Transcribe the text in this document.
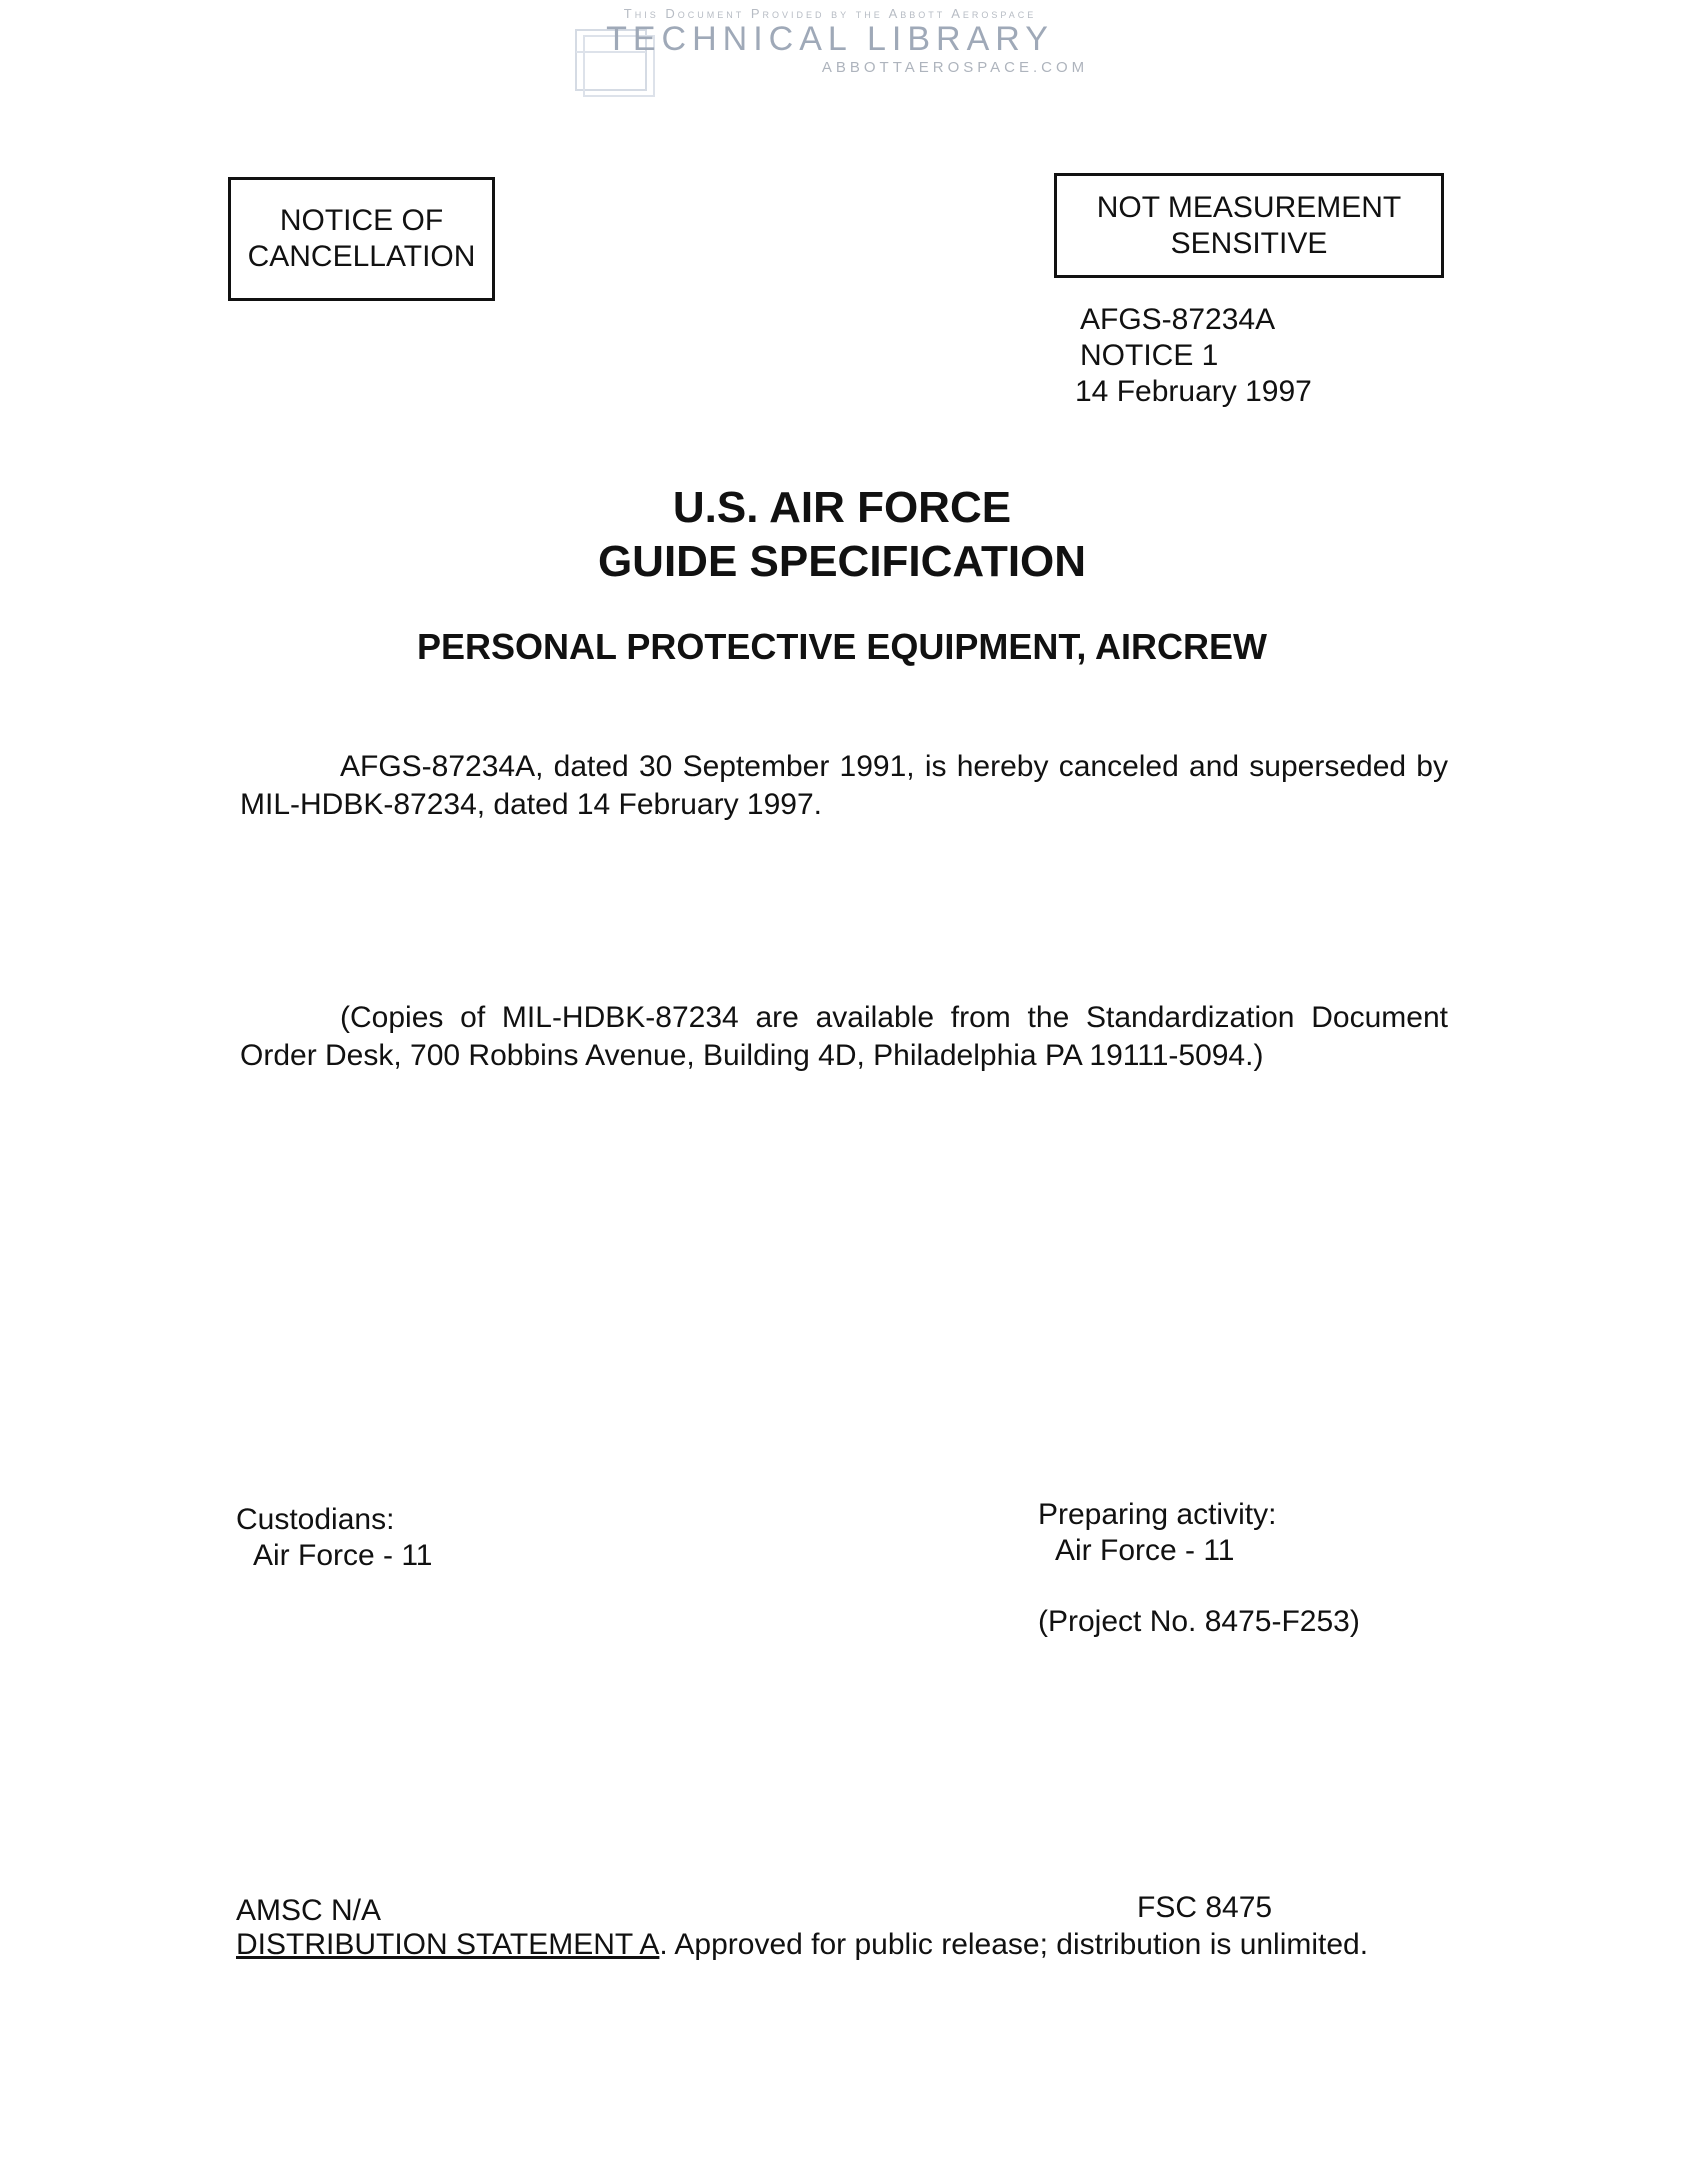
This Document Provided by the Abbott Aerospace
TECHNICAL LIBRARY
ABBOTTAEROSPACE.COM
NOTICE OF
CANCELLATION
NOT MEASUREMENT
SENSITIVE
AFGS-87234A
NOTICE 1
14 February 1997
U.S. AIR FORCE
GUIDE SPECIFICATION
PERSONAL PROTECTIVE EQUIPMENT, AIRCREW

AFGS-87234A, dated 30 September 1991, is hereby canceled and superseded by MIL-HDBK-87234, dated 14 February 1997.

(Copies of MIL-HDBK-87234 are available from the Standardization Document Order Desk, 700 Robbins Avenue, Building 4D, Philadelphia PA 19111-5094.)

Custodians:
Air Force - 11
Preparing activity:
Air Force - 11
(Project No. 8475-F253)
AMSC N/A	FSC 8475
DISTRIBUTION STATEMENT A. Approved for public release; distribution is unlimited.
